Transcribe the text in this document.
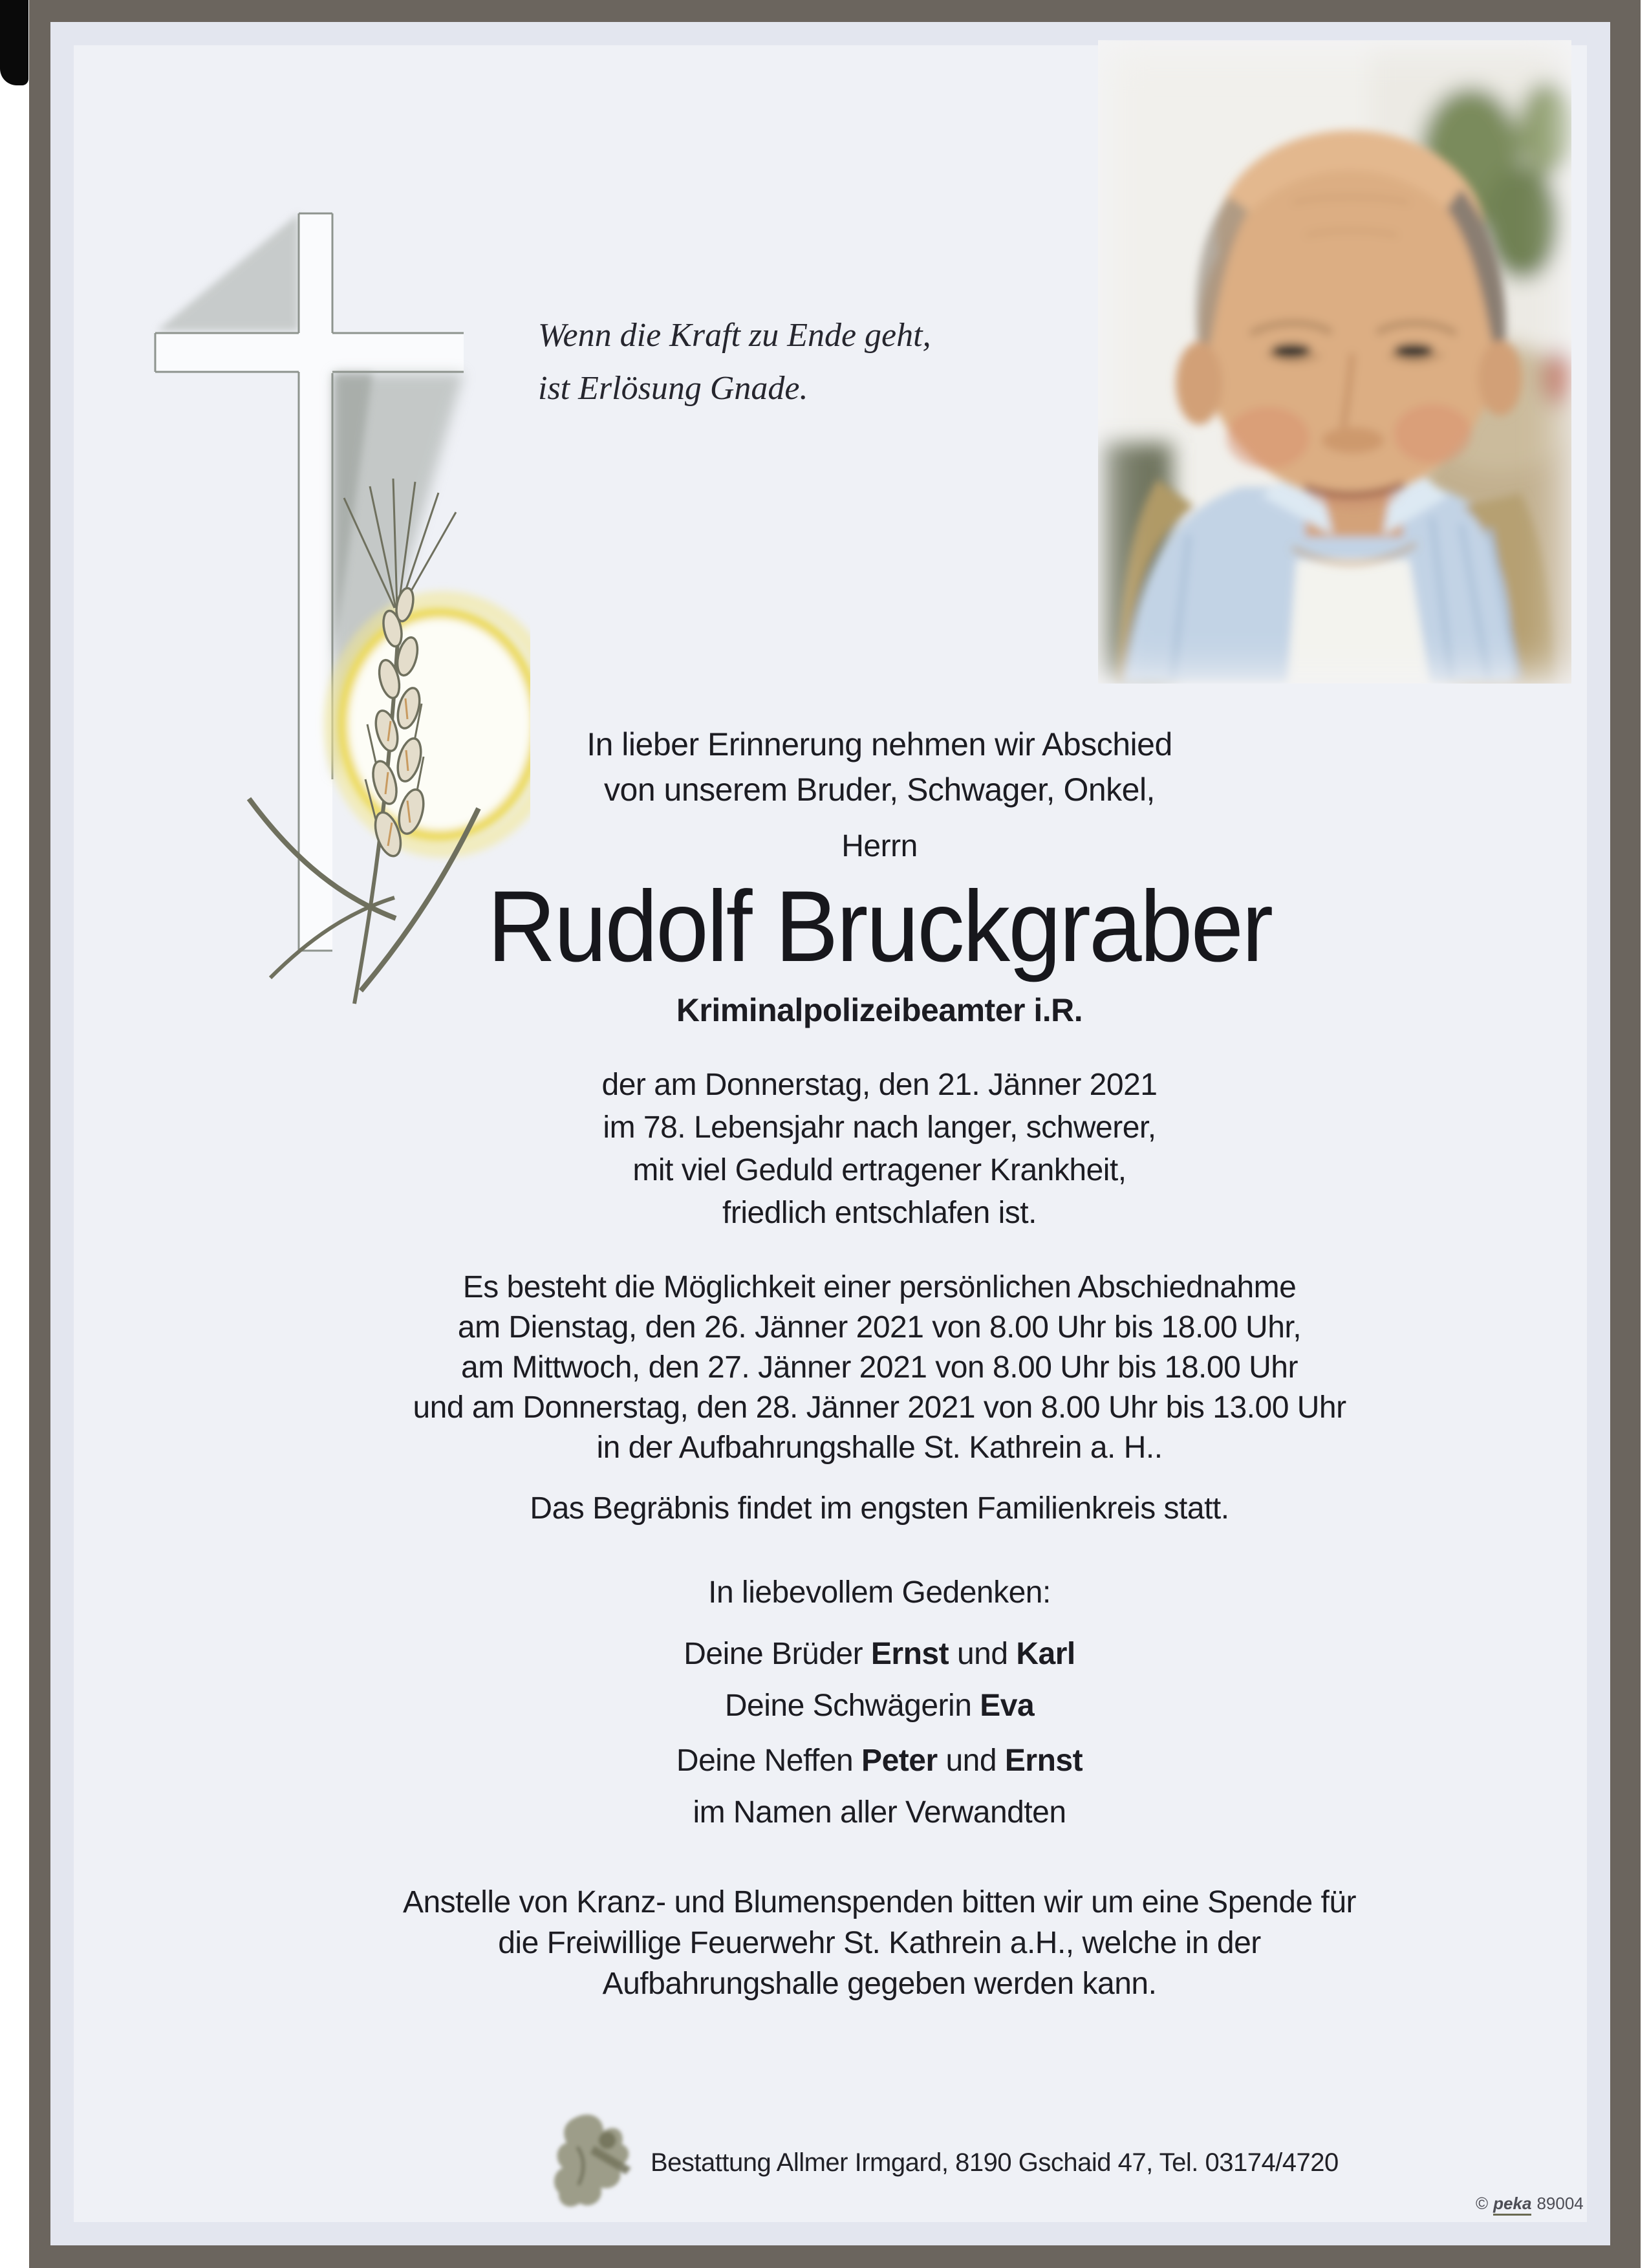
Wenn die Kraft zu Ende geht,
ist Erlösung Gnade.
In lieber Erinnerung nehmen wir Abschied
von unserem Bruder, Schwager, Onkel,
Herrn
Rudolf Bruckgraber
Kriminalpolizeibeamter i.R.
der am Donnerstag, den 21. Jänner 2021
im 78. Lebensjahr nach langer, schwerer,
mit viel Geduld ertragener Krankheit,
friedlich entschlafen ist.
Es besteht die Möglichkeit einer persönlichen Abschiednahme
am Dienstag, den 26. Jänner 2021 von 8.00 Uhr bis 18.00 Uhr,
am Mittwoch, den 27. Jänner 2021 von 8.00 Uhr bis 18.00 Uhr
und am Donnerstag, den 28. Jänner 2021 von 8.00 Uhr bis 13.00 Uhr
in der Aufbahrungshalle St. Kathrein a. H..
Das Begräbnis findet im engsten Familienkreis statt.
In liebevollem Gedenken:
Deine Brüder Ernst und Karl
Deine Schwägerin Eva
Deine Neffen Peter und Ernst
im Namen aller Verwandten
Anstelle von Kranz- und Blumenspenden bitten wir um eine Spende für
die Freiwillige Feuerwehr St. Kathrein a.H., welche in der
Aufbahrungshalle gegeben werden kann.
Bestattung Allmer Irmgard, 8190 Gschaid 47, Tel. 03174/4720
© peka 89004
